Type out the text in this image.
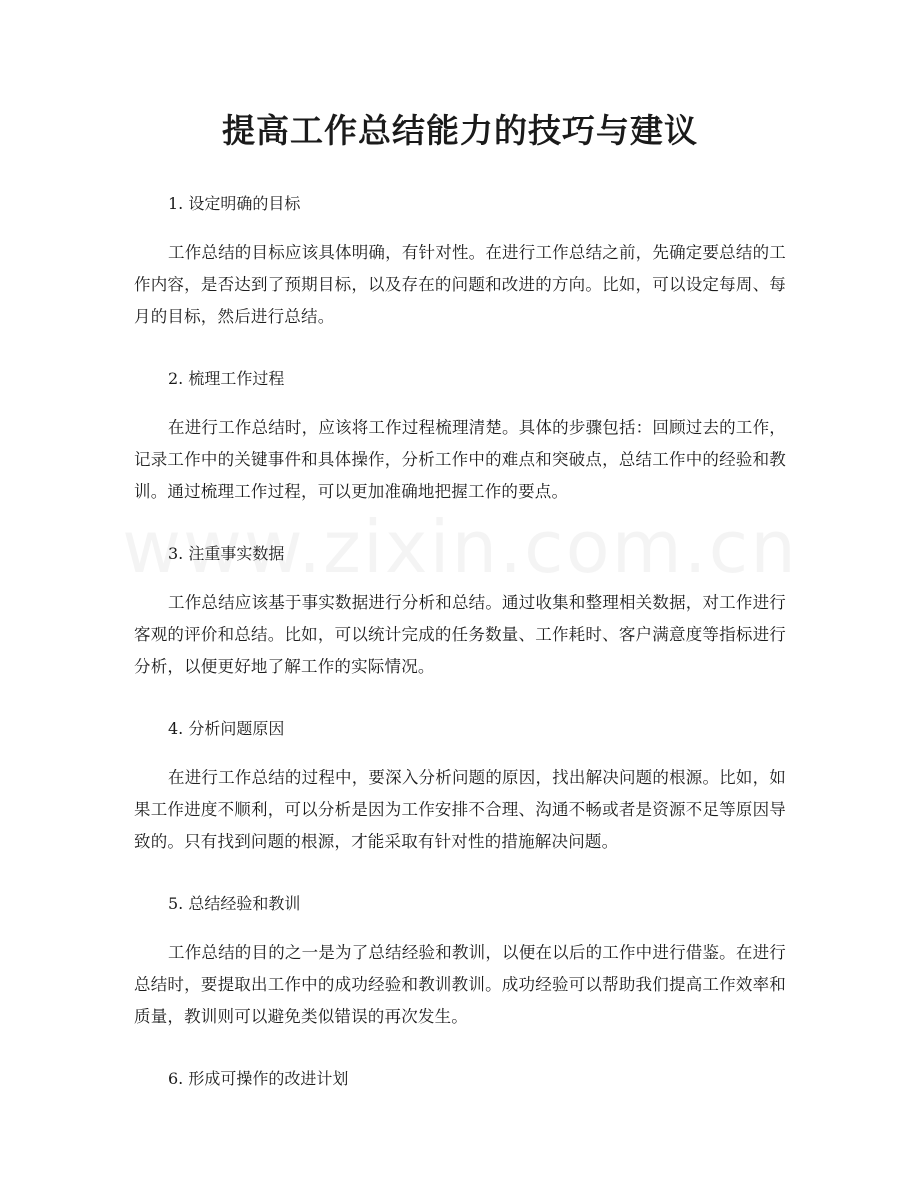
提高工作总结能力的技巧与建议
1. 设定明确的目标

工作总结的目标应该具体明确，有针对性。在进行工作总结之前，先确定要总结的工作内容，是否达到了预期目标，以及存在的问题和改进的方向。比如，可以设定每周、每月的目标，然后进行总结。

2. 梳理工作过程

在进行工作总结时，应该将工作过程梳理清楚。具体的步骤包括：回顾过去的工作，记录工作中的关键事件和具体操作，分析工作中的难点和突破点，总结工作中的经验和教训。通过梳理工作过程，可以更加准确地把握工作的要点。

3. 注重事实数据

工作总结应该基于事实数据进行分析和总结。通过收集和整理相关数据，对工作进行客观的评价和总结。比如，可以统计完成的任务数量、工作耗时、客户满意度等指标进行分析，以便更好地了解工作的实际情况。

4. 分析问题原因

在进行工作总结的过程中，要深入分析问题的原因，找出解决问题的根源。比如，如果工作进度不顺利，可以分析是因为工作安排不合理、沟通不畅或者是资源不足等原因导致的。只有找到问题的根源，才能采取有针对性的措施解决问题。

5. 总结经验和教训

工作总结的目的之一是为了总结经验和教训，以便在以后的工作中进行借鉴。在进行总结时，要提取出工作中的成功经验和教训教训。成功经验可以帮助我们提高工作效率和质量，教训则可以避免类似错误的再次发生。

6. 形成可操作的改进计划
